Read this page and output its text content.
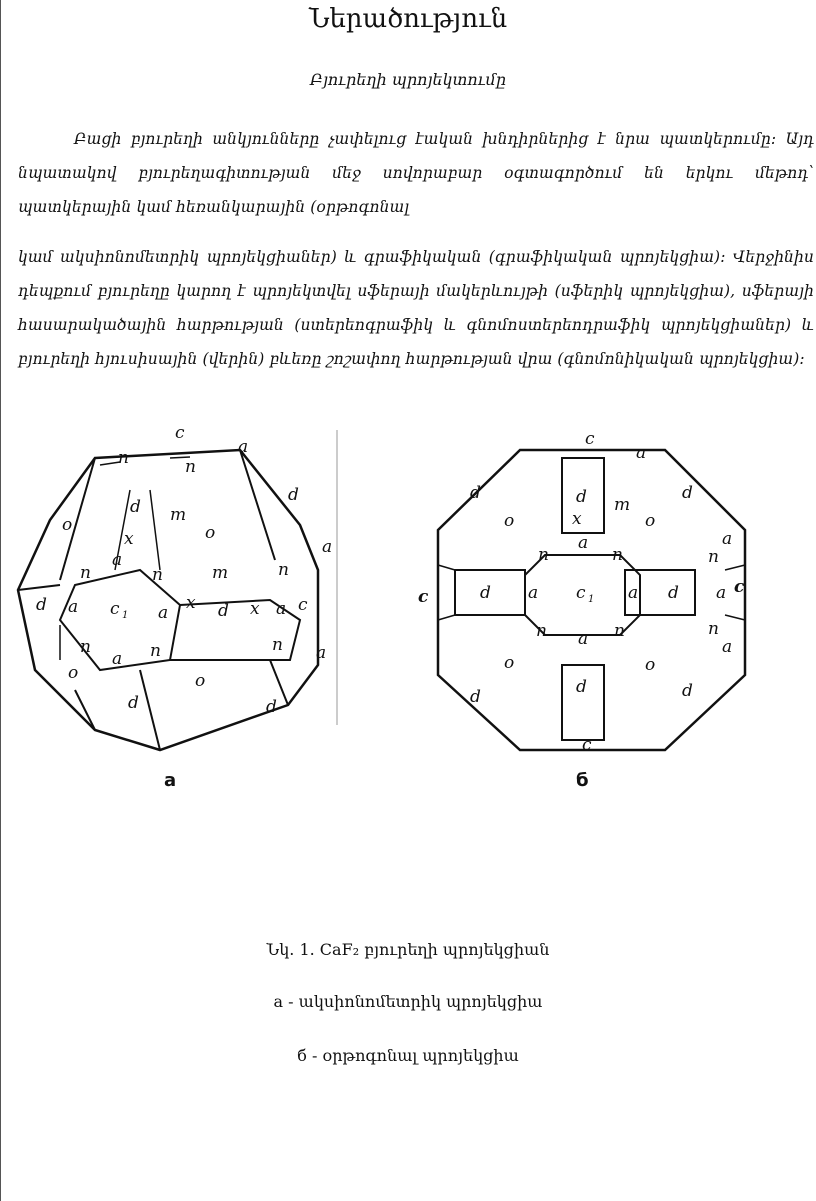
Ներածություն
Բյուրեղի պրոյեկտումը
Բացի բյուրեղի անկյունները չափելուց էական խնդիրներից է նրա պատկերումը: Այդ նպատակով բյուրեղագիտության մեջ սովորաբար օգտագործում են երկու մեթոդ՝ պատկերային կամ հեռանկարային (օրթոգոնալ
կամ ակսիոնոմետրիկ պրոյեկցիաներ) և գրաֆիկական (գրաֆիկական պրոյեկցիա): Վերջինիս դեպքում բյուրեղը կարող է պրոյեկտվել սֆերայի մակերևույթի (սֆերիկ պրոյեկցիա), սֆերայի հասարակածային հարթության (ստերեոգրաֆիկ և գնոմոստերեոդրաֆիկ պրոյեկցիաներ) և բյուրեղի հյուսիսային (վերին) բևեռը շոշափող հարթության վրա (գնոմոնիկական պրոյեկցիա):
o
d
o
n	n
a
d
m
x
a
n	n	m	n
a
d a c 1 a x d x a c
n
a n	n a
o	o
d	d
c	c
a
d	d
d m
o	o
x
a	a
n	n	n
c	c
d a c 1 a d a
n a n	n
a
o	o
d
d	d
c
а	б
Նկ. 1. CaF₂ բյուրեղի պրոյեկցիան
a - ակսիոնոմետրիկ պրոյեկցիա
б - օրթոգոնալ պրոյեկցիա
